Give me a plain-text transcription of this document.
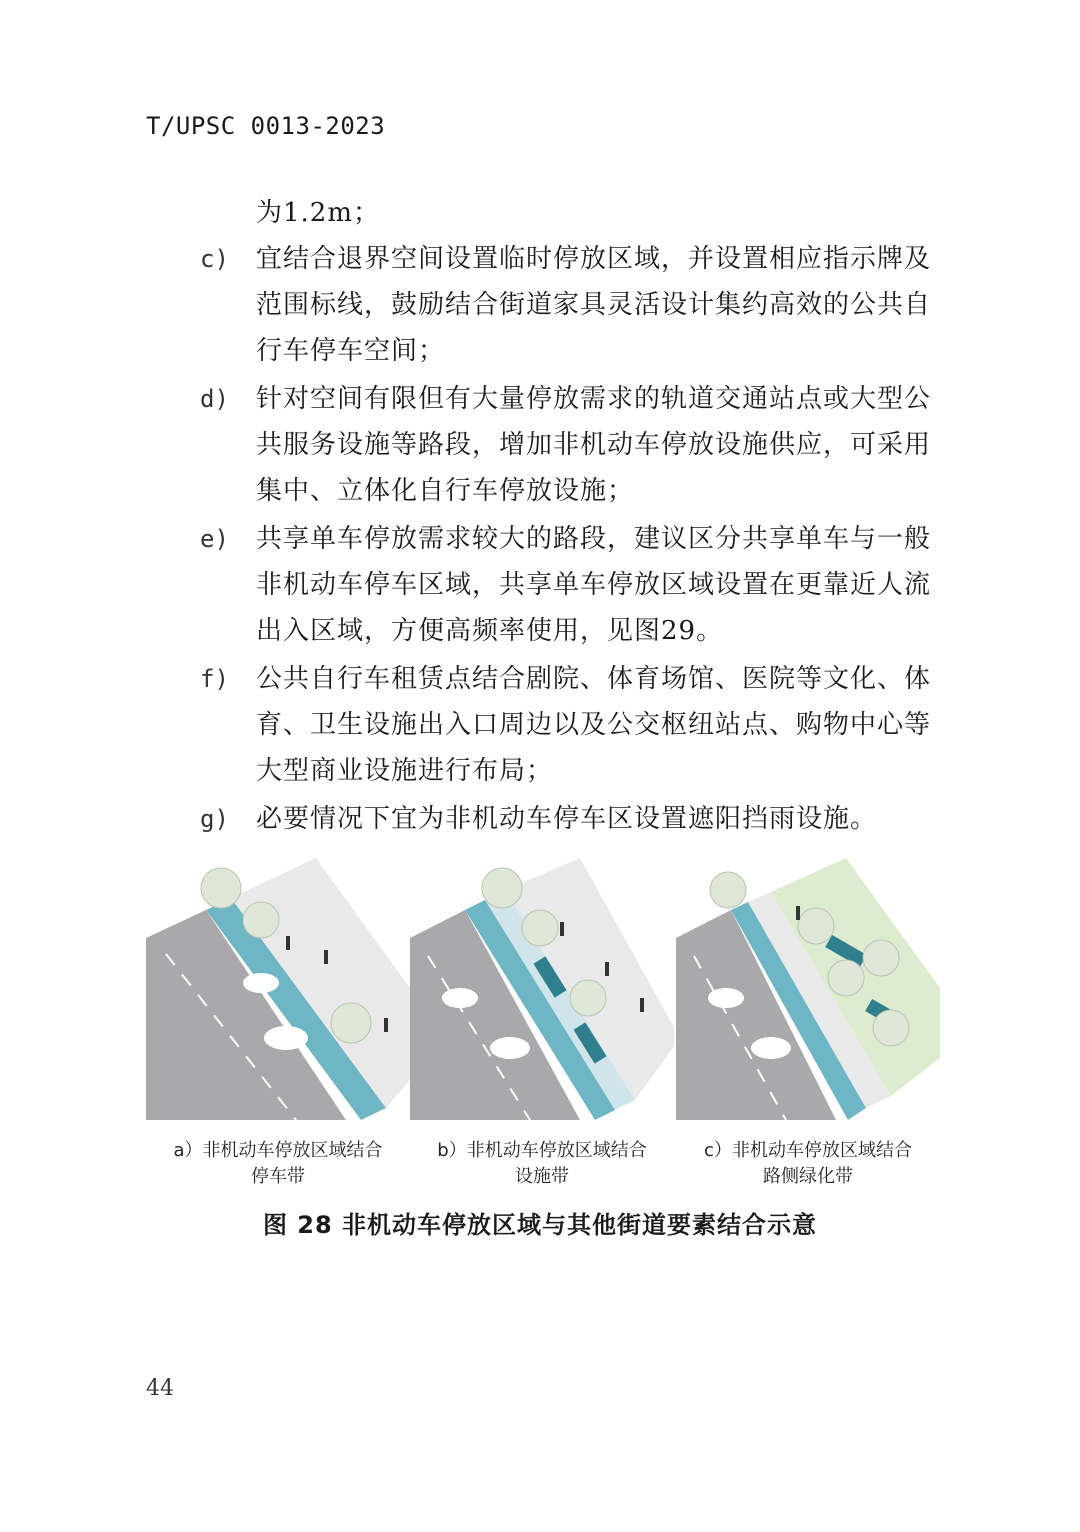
T/UPSC 0013-2023
为1.2m；
c) 宜结合退界空间设置临时停放区域，并设置相应指示牌及
范围标线，鼓励结合街道家具灵活设计集约高效的公共自
行车停车空间；
d) 针对空间有限但有大量停放需求的轨道交通站点或大型公
共服务设施等路段，增加非机动车停放设施供应，可采用
集中、立体化自行车停放设施；
e) 共享单车停放需求较大的路段，建议区分共享单车与一般
非机动车停车区域，共享单车停放区域设置在更靠近人流
出入区域，方便高频率使用，见图29。
f) 公共自行车租赁点结合剧院、体育场馆、医院等文化、体
育、卫生设施出入口周边以及公交枢纽站点、购物中心等
大型商业设施进行布局；
g) 必要情况下宜为非机动车停车区设置遮阳挡雨设施。
a）非机动车停放区域结合
停车带
b）非机动车停放区域结合
设施带
c）非机动车停放区域结合
路侧绿化带
图 28 非机动车停放区域与其他街道要素结合示意
44
